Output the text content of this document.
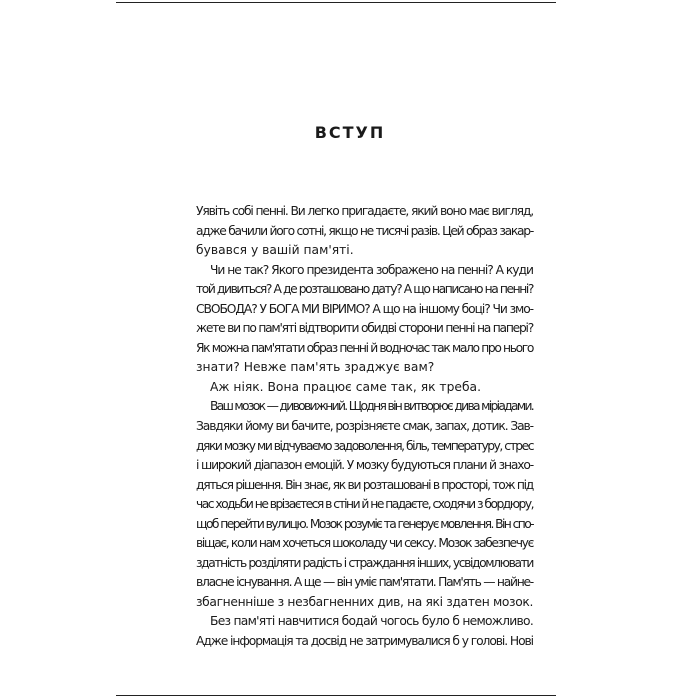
ВСТУП
Уявіть собі пенні. Ви легко пригадаєте, який воно має вигляд,
адже бачили його сотні, якщо не тисячі разів. Цей образ закар-
бувався у вашій пам'яті.
Чи не так? Якого президента зображено на пенні? А куди
той дивиться? А де розташовано дату? А що написано на пенні?
СВОБОДА? У БОГА МИ ВІРИМО? А що на іншому боці? Чи змо-
жете ви по пам'яті відтворити обидві сторони пенні на папері?
Як можна пам'ятати образ пенні й водночас так мало про нього
знати? Невже пам'ять зраджує вам?
Аж ніяк. Вона працює саме так, як треба.
Ваш мозок — дивовижний. Щодня він витворює дива міріадами.
Завдяки йому ви бачите, розрізняєте смак, запах, дотик. Зав-
дяки мозку ми відчуваємо задоволення, біль, температуру, стрес
і широкий діапазон емоцій. У мозку будуються плани й знахо-
дяться рішення. Він знає, як ви розташовані в просторі, тож під
час ходьби не врізаєтеся в стіни й не падаєте, сходячи з бордюру,
щоб перейти вулицю. Мозок розуміє та генерує мовлення. Він спо-
віщає, коли нам хочеться шоколаду чи сексу. Мозок забезпечує
здатність розділяти радість і страждання інших, усвідомлювати
власне існування. А ще — він уміє пам'ятати. Пам'ять — найне-
збагненніше з незбагненних див, на які здатен мозок.
Без пам'яті навчитися бодай чогось було б неможливо.
Адже інформація та досвід не затримувалися б у голові. Нові
